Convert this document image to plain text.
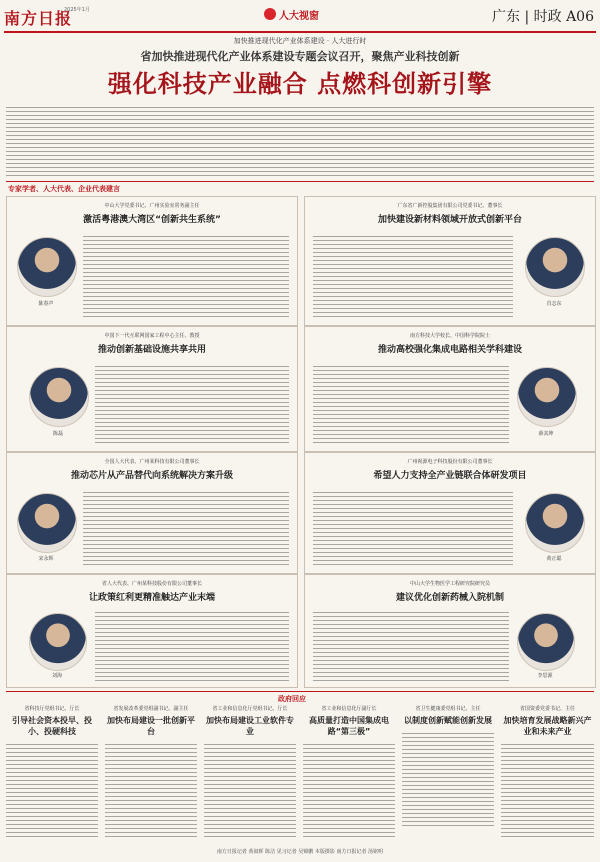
南方日报
2025年1月
人大视窗	广东 | 时政 A06
加快推进现代化产业体系建设 · 人大进行时
省加快推进现代化产业体系建设专题会议召开，聚焦产业科技创新
强化科技产业融合 点燃科创新引擎
专家学者、人大代表、企业代表建言
中山大学党委书记、广州实验室常务副主任
激活粤港澳大湾区“创新共生系统”
陈春声
中国下一代互联网国家工程中心主任、教授
推动创新基础设施共享共用
陈磊
全国人大代表、广州某科技有限公司董事长
推动芯片从产品替代向系统解决方案升级
宋永辉
省人大代表、广州某科技股份有限公司董事长
让政策红利更精准触达产业末端
刘海
广东省广新控股集团有限公司党委书记、董事长
加快建设新材料领域开放式创新平台
肖志东
南方科技大学校长、中国科学院院士
推动高校强化集成电路相关学科建设
薛其坤
广州视源电子科技股份有限公司董事长
希望人力支持全产业链联合体研发项目
黄正聪
中山大学生物医学工程研究院研究员
建议优化创新药械入院机制
李思源
政府回应
省科技厅党组书记、厅长
引导社会资本投早、投小、投硬科技
省发展改革委党组副书记、副主任
加快布局建设一批创新平台
省工业和信息化厅党组书记、厅长
加快布局建设工业软件专业
省工业和信息化厅副厅长
高质量打造中国集成电路“第三极”
省卫生健康委党组书记、主任
以制度创新赋能创新发展
省国资委党委书记、主任
加快培育发展战略新兴产业和未来产业
南方日报记者 黄叙晖 陈洁 见习记者 吴锦鹏 本版摄影 南方日报记者 汤铭明
